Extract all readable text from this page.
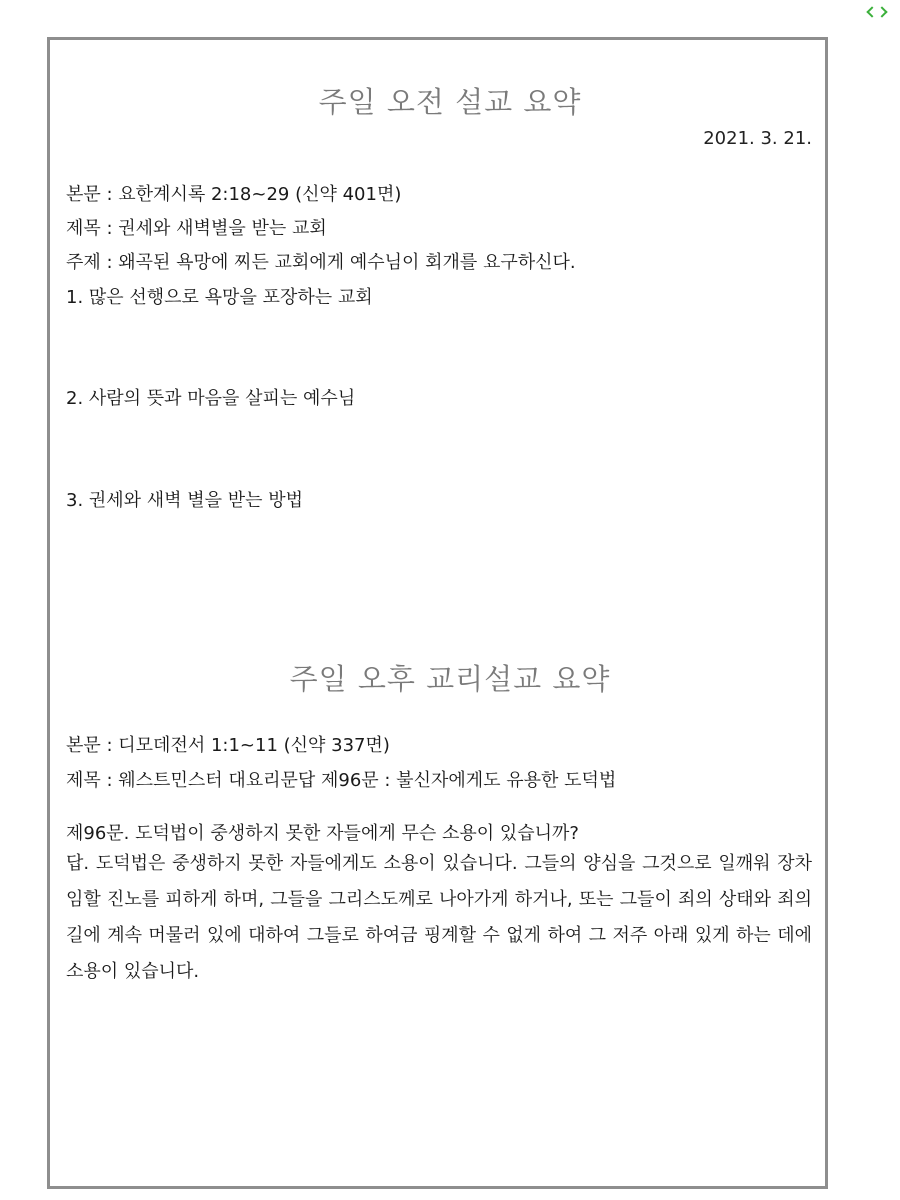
주일 오전 설교 요약
2021. 3. 21.
본문 : 요한계시록 2:18~29 (신약 401면)
제목 : 권세와 새벽별을 받는 교회
주제 : 왜곡된 욕망에 찌든 교회에게 예수님이 회개를 요구하신다.
1. 많은 선행으로 욕망을 포장하는 교회
2. 사람의 뜻과 마음을 살피는 예수님
3. 권세와 새벽 별을 받는 방법
주일 오후 교리설교 요약
본문 : 디모데전서 1:1~11 (신약 337면)
제목 : 웨스트민스터 대요리문답 제96문 : 불신자에게도 유용한 도덕법
제96문. 도덕법이 중생하지 못한 자들에게 무슨 소용이 있습니까?
답. 도덕법은 중생하지 못한 자들에게도 소용이 있습니다. 그들의 양심을 그것으로 일깨워 장차 임할 진노를 피하게 하며, 그들을 그리스도께로 나아가게 하거나, 또는 그들이 죄의 상태와 죄의 길에 계속 머물러 있에 대하여 그들로 하여금 핑계할 수 없게 하여 그 저주 아래 있게 하는 데에 소용이 있습니다.
